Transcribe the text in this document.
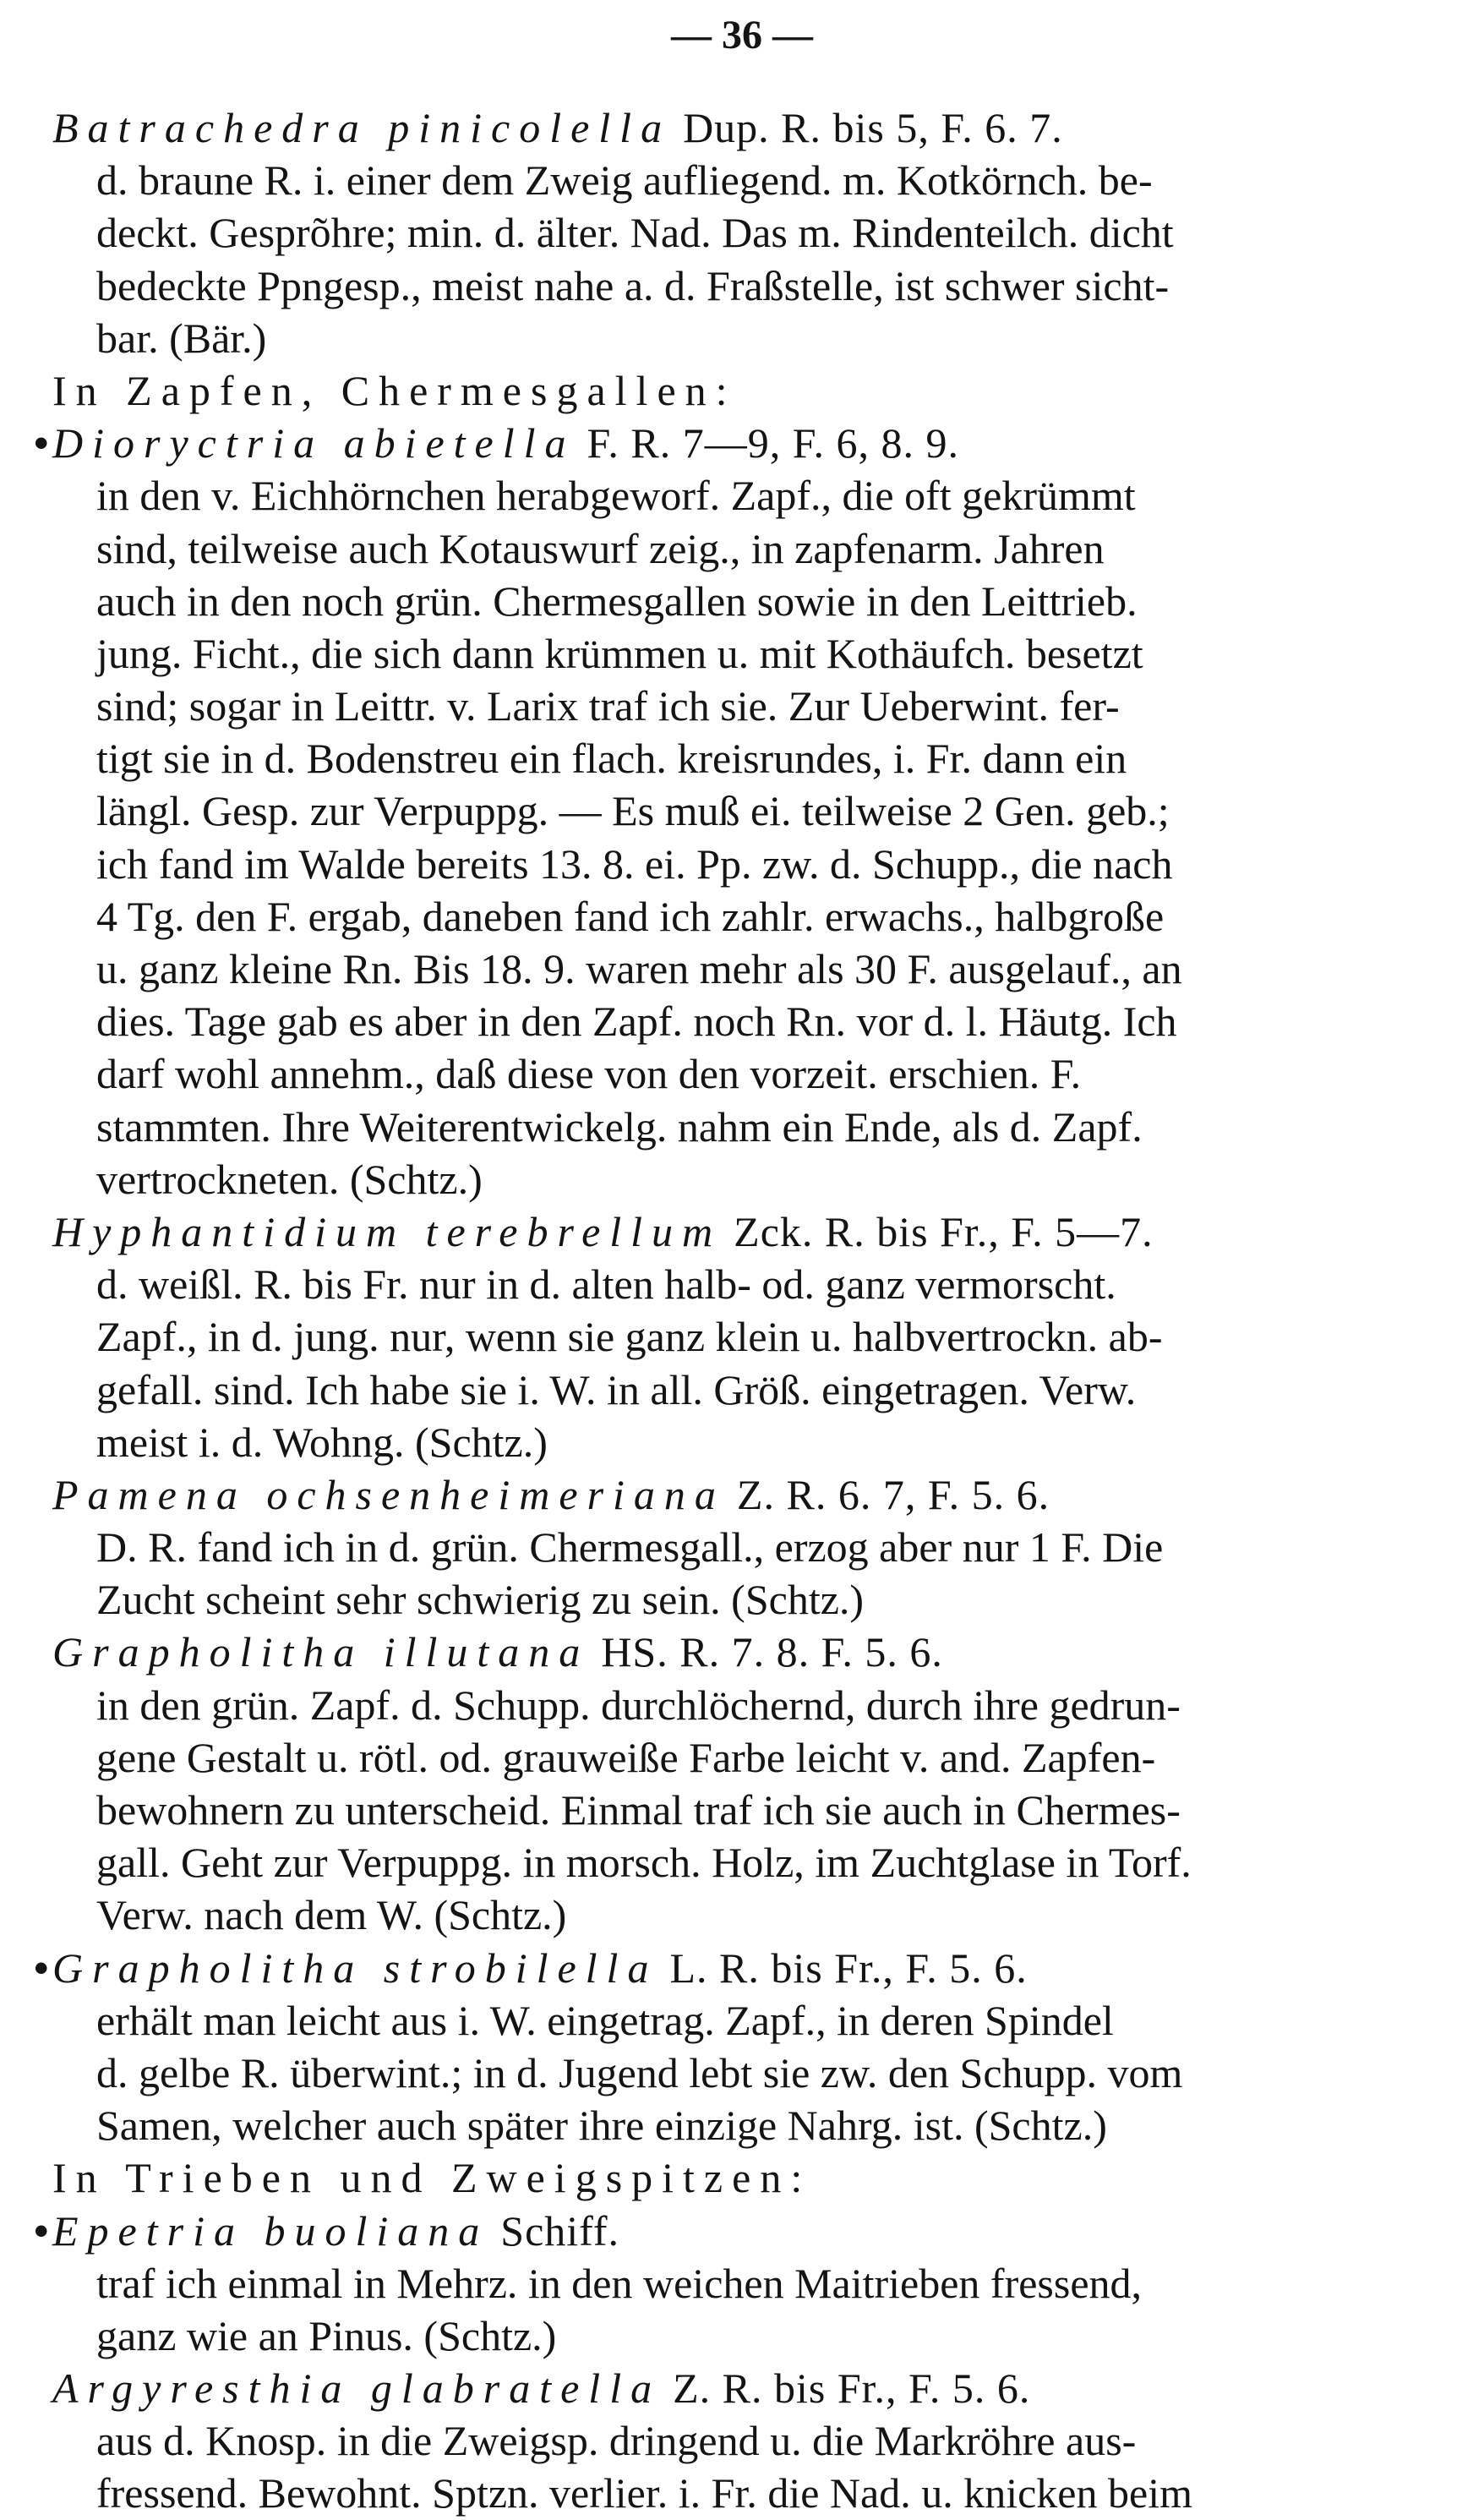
— 36 —
Batrachedra pinicolella Dup. R. bis 5, F. 6. 7.
d. braune R. i. einer dem Zweig aufliegend. m. Kotkörnch. be-
deckt. Gesprõhre; min. d. älter. Nad. Das m. Rindenteilch. dicht
bedeckte Ppngesp., meist nahe a. d. Fraßstelle, ist schwer sicht-
bar. (Bär.)
In Zapfen, Chermesgallen:
•Dioryctria abietella F. R. 7—9, F. 6, 8. 9.
in den v. Eichhörnchen herabgeworf. Zapf., die oft gekrümmt
sind, teilweise auch Kotauswurf zeig., in zapfenarm. Jahren
auch in den noch grün. Chermesgallen sowie in den Leittrieb.
jung. Ficht., die sich dann krümmen u. mit Kothäufch. besetzt
sind; sogar in Leittr. v. Larix traf ich sie. Zur Ueberwint. fer-
tigt sie in d. Bodenstreu ein flach. kreisrundes, i. Fr. dann ein
längl. Gesp. zur Verpuppg. — Es muß ei. teilweise 2 Gen. geb.;
ich fand im Walde bereits 13. 8. ei. Pp. zw. d. Schupp., die nach
4 Tg. den F. ergab, daneben fand ich zahlr. erwachs., halbgroße
u. ganz kleine Rn. Bis 18. 9. waren mehr als 30 F. ausgelauf., an
dies. Tage gab es aber in den Zapf. noch Rn. vor d. l. Häutg. Ich
darf wohl annehm., daß diese von den vorzeit. erschien. F.
stammten. Ihre Weiterentwickelg. nahm ein Ende, als d. Zapf.
vertrockneten. (Schtz.)
Hyphantidium terebrellum Zck. R. bis Fr., F. 5—7.
d. weißl. R. bis Fr. nur in d. alten halb- od. ganz vermorscht.
Zapf., in d. jung. nur, wenn sie ganz klein u. halbvertrockn. ab-
gefall. sind. Ich habe sie i. W. in all. Größ. eingetragen. Verw.
meist i. d. Wohng. (Schtz.)
Pamena ochsenheimeriana Z. R. 6. 7, F. 5. 6.
D. R. fand ich in d. grün. Chermesgall., erzog aber nur 1 F. Die
Zucht scheint sehr schwierig zu sein. (Schtz.)
Grapholitha illutana HS. R. 7. 8. F. 5. 6.
in den grün. Zapf. d. Schupp. durchlöchernd, durch ihre gedrun-
gene Gestalt u. rötl. od. grauweiße Farbe leicht v. and. Zapfen-
bewohnern zu unterscheid. Einmal traf ich sie auch in Chermes-
gall. Geht zur Verpuppg. in morsch. Holz, im Zuchtglase in Torf.
Verw. nach dem W. (Schtz.)
•Grapholitha strobilella L. R. bis Fr., F. 5. 6.
erhält man leicht aus i. W. eingetrag. Zapf., in deren Spindel
d. gelbe R. überwint.; in d. Jugend lebt sie zw. den Schupp. vom
Samen, welcher auch später ihre einzige Nahrg. ist. (Schtz.)
In Trieben und Zweigspitzen:
•Epetria buoliana Schiff.
traf ich einmal in Mehrz. in den weichen Maitrieben fressend,
ganz wie an Pinus. (Schtz.)
Argyresthia glabratella Z. R. bis Fr., F. 5. 6.
aus d. Knosp. in die Zweigsp. dringend u. die Markröhre aus-
fressend. Bewohnt. Sptzn. verlier. i. Fr. die Nad. u. knicken beim
